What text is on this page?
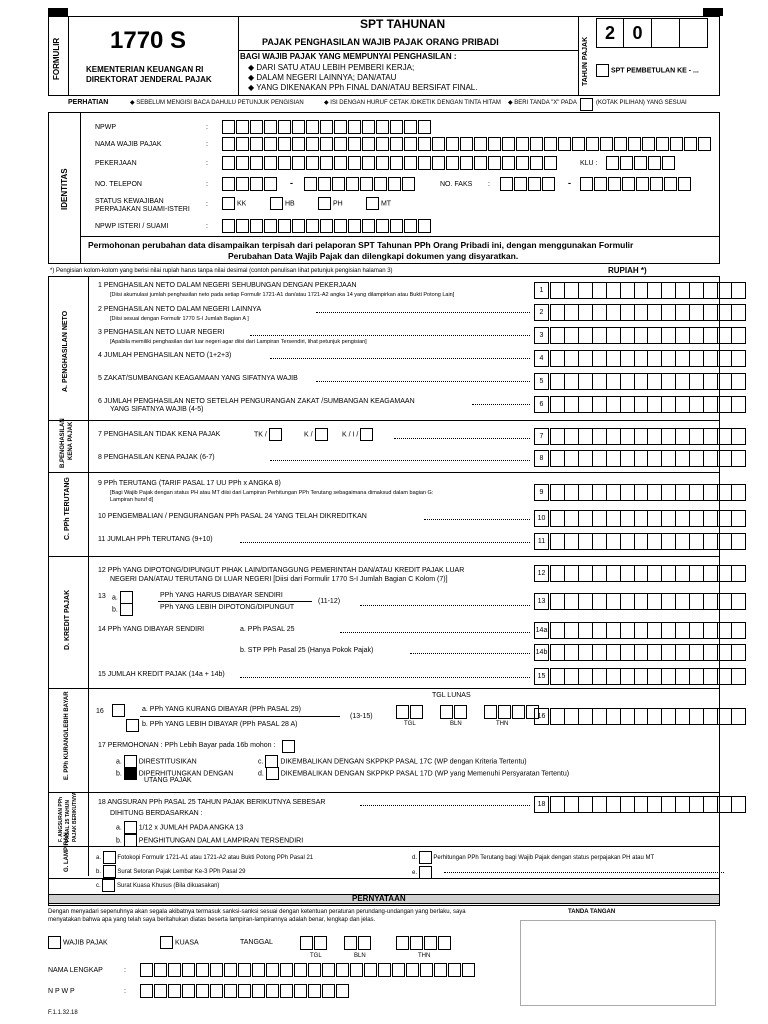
FORMULIR 1770 S
KEMENTERIAN KEUANGAN RI
DIREKTORAT JENDERAL PAJAK
SPT TAHUNAN
PAJAK PENGHASILAN WAJIB PAJAK ORANG PRIBADI
BAGI WAJIB PAJAK YANG MEMPUNYAI PENGHASILAN :
◆ DARI SATU ATAU LEBIH PEMBERI KERJA;
◆ DALAM NEGERI LAINNYA; DAN/ATAU
◆ YANG DIKENAKAN PPh FINAL DAN/ATAU BERSIFAT FINAL.
TAHUN PAJAK
2 0
SPT PEMBETULAN KE - ...
PERHATIAN	◆ SEBELUM MENGISI BACA DAHULU PETUNJUK PENGISIAN	◆ ISI DENGAN HURUF CETAK /DIKETIK DENGAN TINTA HITAM ◆ BERI TANDA "X" PADA	(KOTAK PILIHAN) YANG SESUAI
IDENTITAS
NPWP	:
NAMA WAJIB PAJAK	:
PEKERJAAN	:	KLU :
NO. TELEPON	:	-	NO. FAKS :	-
STATUS KEWAJIBAN
PERPAJAKAN SUAMI-ISTERI
:	KK	HB	PH	MT
NPWP ISTERI / SUAMI	:
Permohonan perubahan data disampaikan terpisah dari pelaporan SPT Tahunan PPh Orang Pribadi ini, dengan menggunakan Formulir
Perubahan Data Wajib Pajak dan dilengkapi dokumen yang disyaratkan.
*) Pengisian kolom-kolom yang berisi nilai rupiah harus tanpa nilai desimal (contoh penulisan lihat petunjuk pengisian halaman 3)	RUPIAH *)
A. PENGHASILAN NETO
B.PENGHASILAN KENA PAJAK
C. PPh TERUTANG
D. KREDIT PAJAK
E. PPh KURANG/LEBIH BAYAR
F. ANGSURAN PPh PASAL 25 TAHUN PAJAK BERIKUTNYA
G. LAMPIRAN
1 PENGHASILAN NETO DALAM NEGERI SEHUBUNGAN DENGAN PEKERJAAN
[Diisi akumulasi jumlah penghasilan neto pada setiap Formulir 1721-A1 dan/atau 1721-A2 angka 14 yang dilampirkan atau Bukti Potong Lain]
1
2 PENGHASILAN NETO DALAM NEGERI LAINNYA
[Diisi sesuai dengan Formulir 1770 S-I Jumlah Bagian A ]
2
3 PENGHASILAN NETO LUAR NEGERI
[Apabila memiliki penghasilan dari luar negeri agar diisi dari Lampiran Tersendiri, lihat petunjuk pengisian]
3
4 JUMLAH PENGHASILAN NETO (1+2+3)	4
5 ZAKAT/SUMBANGAN KEAGAMAAN YANG SIFATNYA WAJIB	5
6 JUMLAH PENGHASILAN NETO SETELAH PENGURANGAN ZAKAT /SUMBANGAN KEAGAMAAN
YANG SIFATNYA WAJIB (4-5)
6
7 PENGHASILAN TIDAK KENA PAJAK	TK /	K /	K / I /	7
8 PENGHASILAN KENA PAJAK (6-7)	8
9 PPh TERUTANG (TARIF PASAL 17 UU PPh x ANGKA 8)
[Bagi Wajib Pajak dengan status PH atau MT diisi dari Lampiran Perhitungan PPh Terutang sebagaimana dimaksud dalam bagian G:
Lampiran huruf d]
9
10 PENGEMBALIAN / PENGURANGAN PPh PASAL 24 YANG TELAH DIKREDITKAN	10
11 JUMLAH PPh TERUTANG (9+10)	11
12 PPh YANG DIPOTONG/DIPUNGUT PIHAK LAIN/DITANGGUNG PEMERINTAH DAN/ATAU KREDIT PAJAK LUAR
NEGERI DAN/ATAU TERUTANG DI LUAR NEGERI [Diisi dari Formulir 1770 S-I Jumlah Bagian C Kolom (7)]
12
13 a.
b.
PPh YANG HARUS DIBAYAR SENDIRI
PPh YANG LEBIH DIPOTONG/DIPUNGUT
(11-12)	13
14 PPh YANG DIBAYAR SENDIRI	a. PPh PASAL 25	14a
b. STP PPh Pasal 25 (Hanya Pokok Pajak)	14b
15 JUMLAH KREDIT PAJAK (14a + 14b)	15
TGL LUNAS
16	a. PPh YANG KURANG DIBAYAR (PPh PASAL 29)
b. PPh YANG LEBIH DIBAYAR (PPh PASAL 28 A)
(13-15)
TGL	BLN	THN
16
17 PERMOHONAN : PPh Lebih Bayar pada 16b mohon :
a. DIRESTITUSIKAN
b. DIPERHITUNGKAN DENGAN
UTANG PAJAK
c. DIKEMBALIKAN DENGAN SKPPKP PASAL 17C (WP dengan Kriteria Tertentu)
d. DIKEMBALIKAN DENGAN SKPPKP PASAL 17D (WP yang Memenuhi Persyaratan Tertentu)
18 ANGSURAN PPh PASAL 25 TAHUN PAJAK BERIKUTNYA SEBESAR
DIHITUNG BERDASARKAN :
18
a. 1/12 x JUMLAH PADA ANGKA 13
b. PENGHITUNGAN DALAM LAMPIRAN TERSENDIRI
a.	Fotokopi Formulir 1721-A1 atau 1721-A2 atau Bukti Potong PPh Pasal 21
b.	Surat Setoran Pajak Lembar Ke-3 PPh Pasal 29
c.	Surat Kuasa Khusus (Bila dikuasakan)
d.	Perhitungan PPh Terutang bagi Wajib Pajak dengan status perpajakan PH atau MT
e.
PERNYATAAN
Dengan menyadari sepenuhnya akan segala akibatnya termasuk sanksi-sanksi sesuai dengan ketentuan peraturan perundang-undangan yang berlaku, saya menyatakan bahwa apa yang telah saya beritahukan diatas beserta lampiran-lampirannya adalah benar, lengkap dan jelas.
TANDA TANGAN
WAJIB PAJAK	KUASA	TANGGAL
TGL	BLN	THN
NAMA LENGKAP	:
N P W P	:
F.1.1.32.18
